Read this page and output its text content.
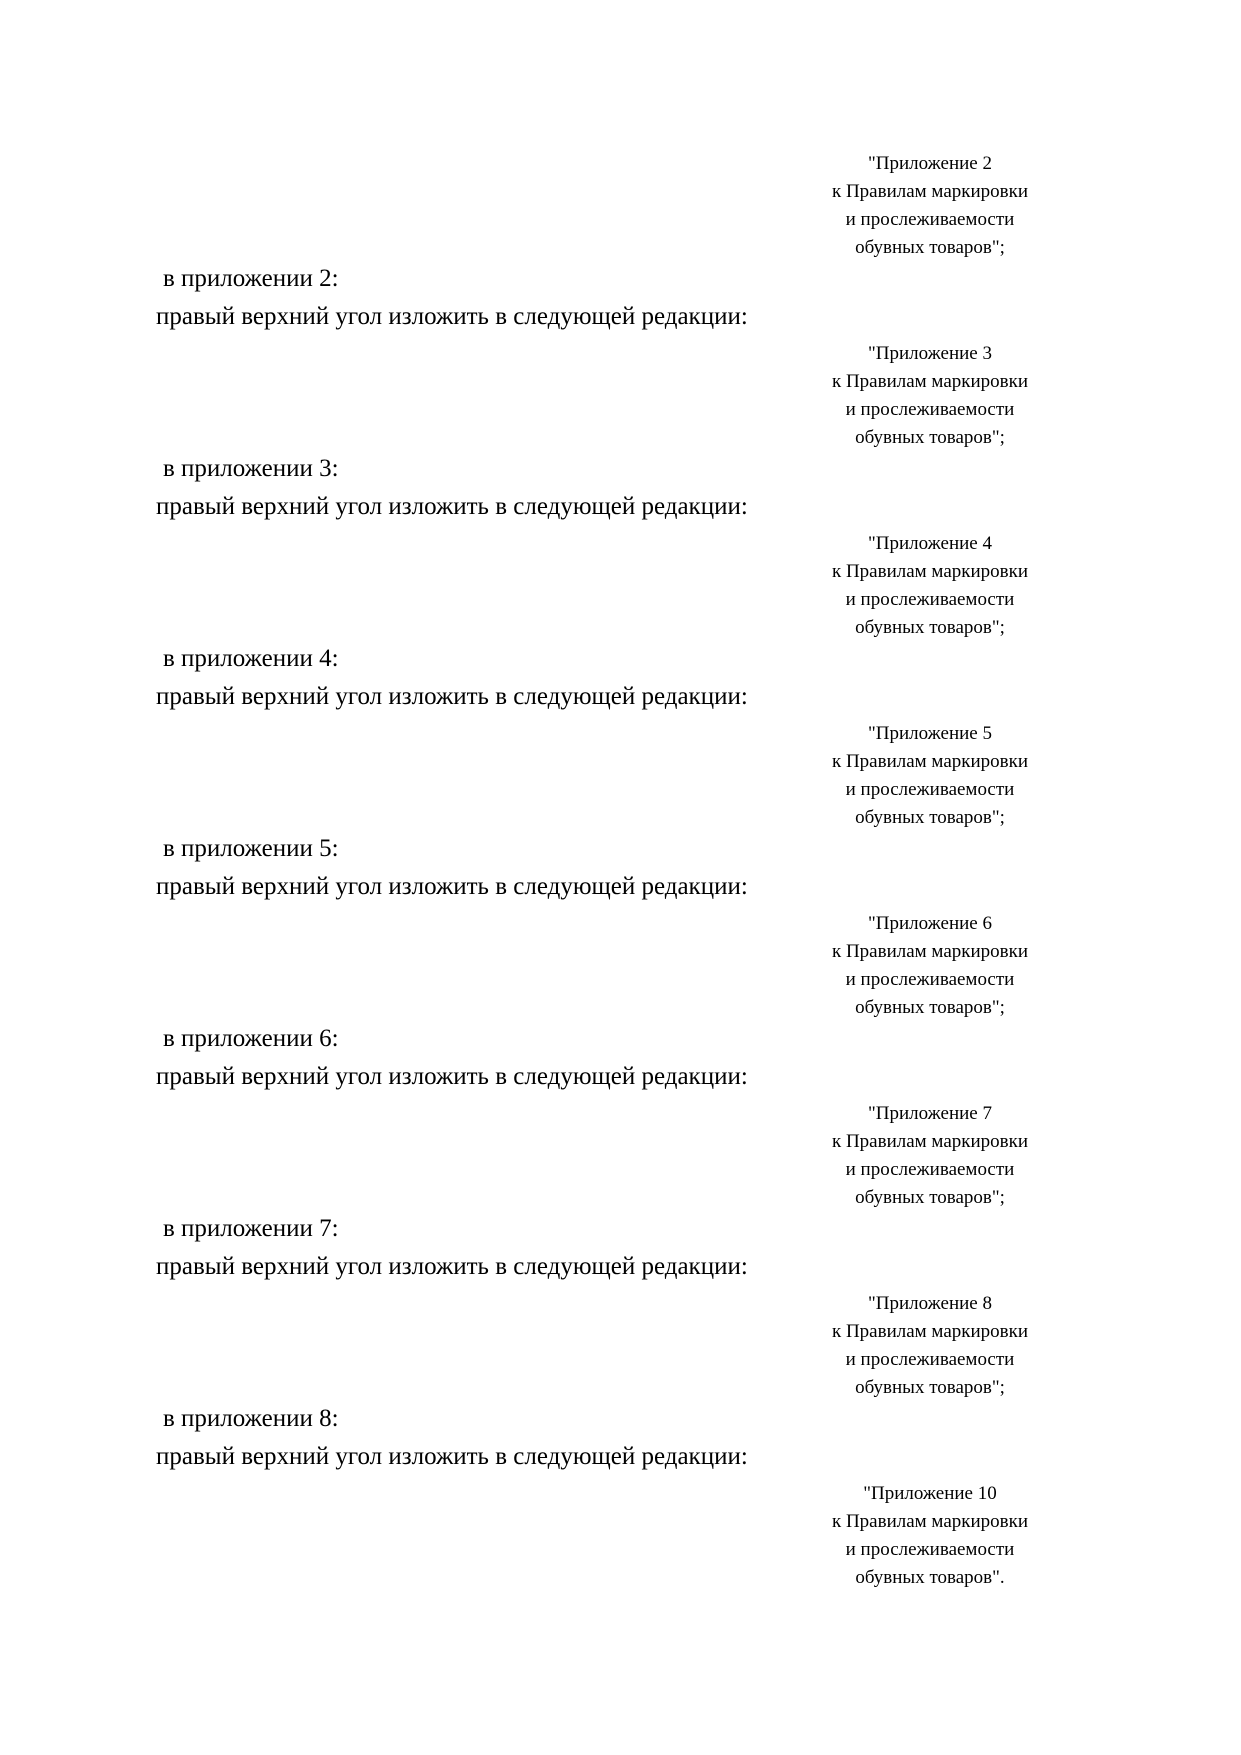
"Приложение 2
к Правилам маркировки
и прослеживаемости
обувных товаров";
в приложении 2:
правый верхний угол изложить в следующей редакции:
"Приложение 3
к Правилам маркировки
и прослеживаемости
обувных товаров";
в приложении 3:
правый верхний угол изложить в следующей редакции:
"Приложение 4
к Правилам маркировки
и прослеживаемости
обувных товаров";
в приложении 4:
правый верхний угол изложить в следующей редакции:
"Приложение 5
к Правилам маркировки
и прослеживаемости
обувных товаров";
в приложении 5:
правый верхний угол изложить в следующей редакции:
"Приложение 6
к Правилам маркировки
и прослеживаемости
обувных товаров";
в приложении 6:
правый верхний угол изложить в следующей редакции:
"Приложение 7
к Правилам маркировки
и прослеживаемости
обувных товаров";
в приложении 7:
правый верхний угол изложить в следующей редакции:
"Приложение 8
к Правилам маркировки
и прослеживаемости
обувных товаров";
в приложении 8:
правый верхний угол изложить в следующей редакции:
"Приложение 10
к Правилам маркировки
и прослеживаемости
обувных товаров".
